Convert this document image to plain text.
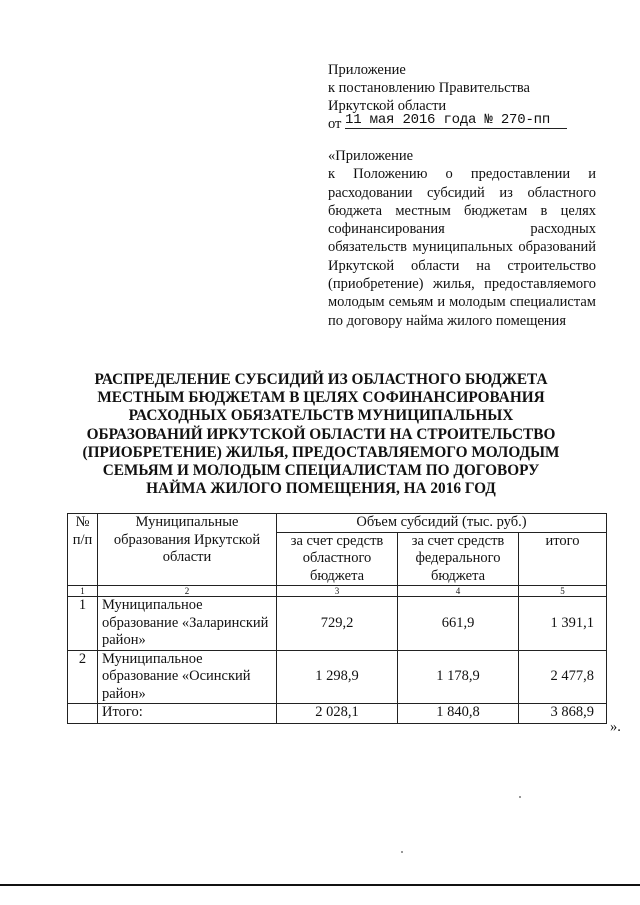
Приложение
к постановлению Правительства
Иркутской области
от 11 мая 2016 года № 270-пп
«Приложение
к Положению о предоставлении и расходовании субсидий из областного бюджета местным бюджетам в целях софинансирования расходных обязательств муниципальных образований Иркутской области на строительство (приобретение) жилья, предоставляемого молодым семьям и молодым специалистам по договору найма жилого помещения
РАСПРЕДЕЛЕНИЕ СУБСИДИЙ ИЗ ОБЛАСТНОГО БЮДЖЕТА МЕСТНЫМ БЮДЖЕТАМ В ЦЕЛЯХ СОФИНАНСИРОВАНИЯ РАСХОДНЫХ ОБЯЗАТЕЛЬСТВ МУНИЦИПАЛЬНЫХ ОБРАЗОВАНИЙ ИРКУТСКОЙ ОБЛАСТИ НА СТРОИТЕЛЬСТВО (ПРИОБРЕТЕНИЕ) ЖИЛЬЯ, ПРЕДОСТАВЛЯЕМОГО МОЛОДЫМ СЕМЬЯМ И МОЛОДЫМ СПЕЦИАЛИСТАМ ПО ДОГОВОРУ НАЙМА ЖИЛОГО ПОМЕЩЕНИЯ, НА 2016 ГОД
№
п/п	Муниципальные образования Иркутской области	Объем субсидий (тыс. руб.)		
		за счет средств областного бюджета	за счет средств федерального бюджета	итого
1	2	3	4	5
1	Муниципальное образование «Заларинский район»	729,2	661,9	1 391,1
2	Муниципальное образование «Осинский район»	1 298,9	1 178,9	2 477,8
	Итого:	2 028,1	1 840,8	3 868,9
».
